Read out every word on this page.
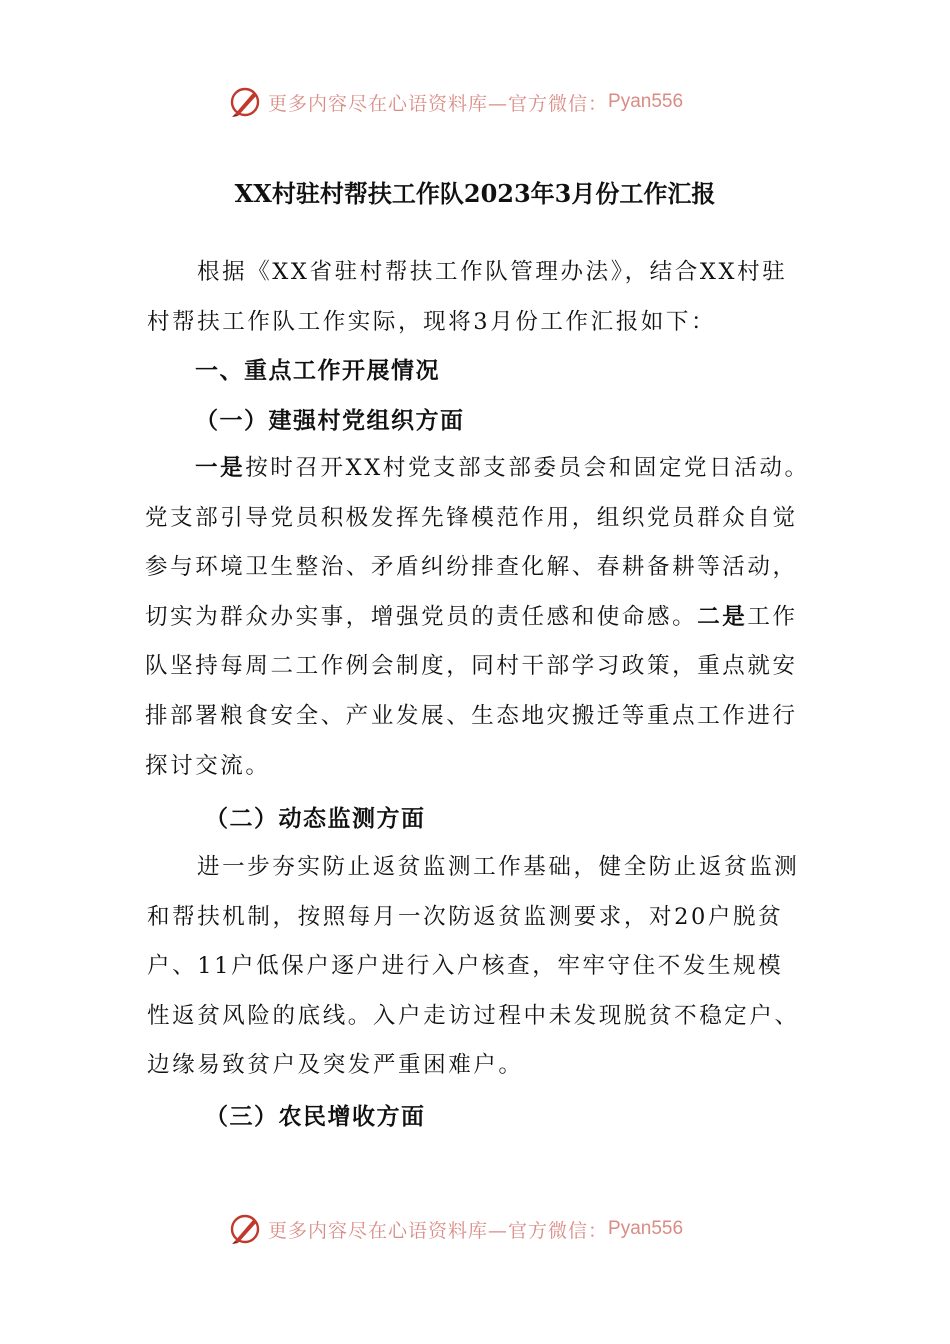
更多内容尽在心语资料库—官方微信： Pyan556
XX村驻村帮扶工作队2023年3月份工作汇报
根据《XX省驻村帮扶工作队管理办法》，结合XX村驻村帮扶工作队工作实际，现将3月份工作汇报如下：
一、重点工作开展情况
（一）建强村党组织方面
一是按时召开XX村党支部支部委员会和固定党日活动。党支部引导党员积极发挥先锋模范作用，组织党员群众自觉参与环境卫生整治、矛盾纠纷排查化解、春耕备耕等活动，切实为群众办实事，增强党员的责任感和使命感。二是工作队坚持每周二工作例会制度，同村干部学习政策，重点就安排部署粮食安全、产业发展、生态地灾搬迁等重点工作进行探讨交流。
（二）动态监测方面
进一步夯实防止返贫监测工作基础，健全防止返贫监测和帮扶机制，按照每月一次防返贫监测要求，对20户脱贫户、11户低保户逐户进行入户核查，牢牢守住不发生规模性返贫风险的底线。入户走访过程中未发现脱贫不稳定户、边缘易致贫户及突发严重困难户。
（三）农民增收方面
更多内容尽在心语资料库—官方微信： Pyan556
